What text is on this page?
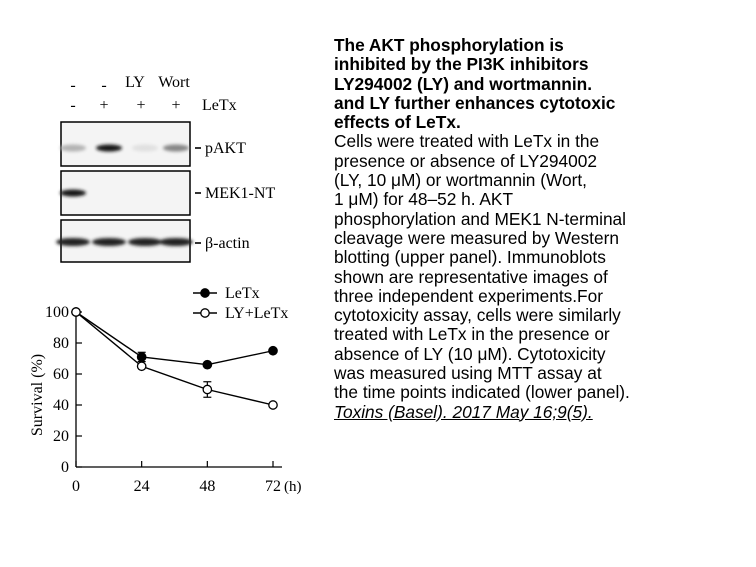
- - LY Wort
- + + + LeTx
pAKT
MEK1-NT
β-actin
0
20
40
60
80
100
0	24	48	72
Survival (%)
(h)
LeTx
LY+LeTx
The AKT phosphorylation is
inhibited by the PI3K inhibitors
LY294002 (LY) and wortmannin.
and LY further enhances cytotoxic
effects of LeTx.
Cells were treated with LeTx in the
presence or absence of LY294002
(LY, 10 μM) or wortmannin (Wort,
1 μM) for 48–52 h. AKT
phosphorylation and MEK1 N-terminal
cleavage were measured by Western
blotting (upper panel). Immunoblots
shown are representative images of
three independent experiments.For
cytotoxicity assay, cells were similarly
treated with LeTx in the presence or
absence of LY (10 μM). Cytotoxicity
was measured using MTT assay at
the time points indicated (lower panel).
Toxins (Basel). 2017 May 16;9(5).
